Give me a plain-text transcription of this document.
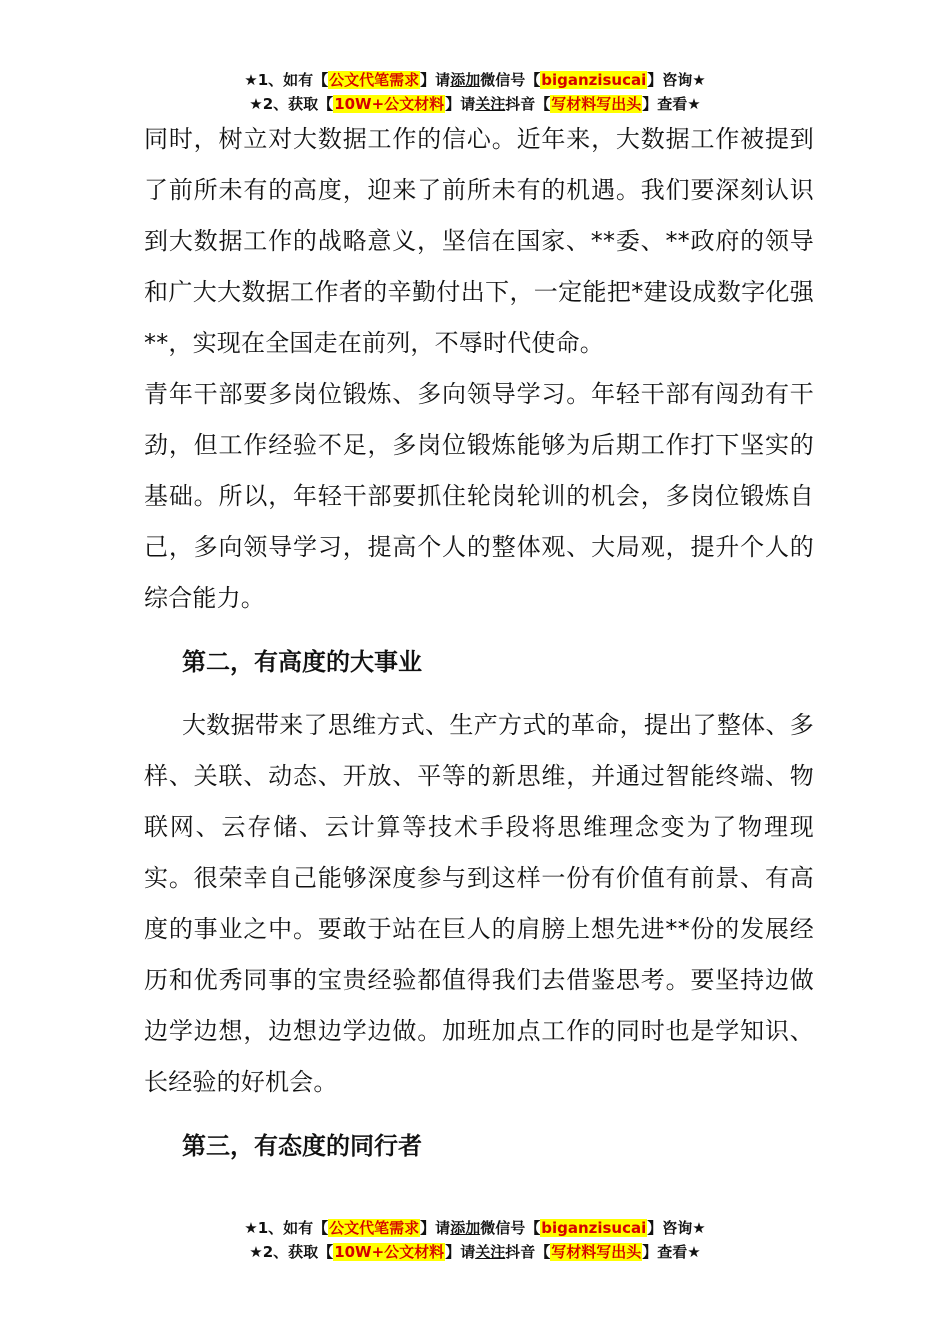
★1、如有【公文代笔需求】请添加微信号【biganzisucai】咨询★
★2、获取【10W+公文材料】请关注抖音【写材料写出头】查看★

同时，树立对大数据工作的信心。近年来，大数据工作被提到了前所未有的高度，迎来了前所未有的机遇。我们要深刻认识到大数据工作的战略意义，坚信在国家、**委、**政府的领导和广大大数据工作者的辛勤付出下，一定能把*建设成数字化强**，实现在全国走在前列，不辱时代使命。

青年干部要多岗位锻炼、多向领导学习。年轻干部有闯劲有干劲，但工作经验不足，多岗位锻炼能够为后期工作打下坚实的基础。所以，年轻干部要抓住轮岗轮训的机会，多岗位锻炼自己，多向领导学习，提高个人的整体观、大局观，提升个人的综合能力。

第二，有高度的大事业

大数据带来了思维方式、生产方式的革命，提出了整体、多样、关联、动态、开放、平等的新思维，并通过智能终端、物联网、云存储、云计算等技术手段将思维理念变为了物理现实。很荣幸自己能够深度参与到这样一份有价值有前景、有高度的事业之中。要敢于站在巨人的肩膀上想先进**份的发展经历和优秀同事的宝贵经验都值得我们去借鉴思考。要坚持边做边学边想，边想边学边做。加班加点工作的同时也是学知识、长经验的好机会。

第三，有态度的同行者

★1、如有【公文代笔需求】请添加微信号【biganzisucai】咨询★
★2、获取【10W+公文材料】请关注抖音【写材料写出头】查看★
